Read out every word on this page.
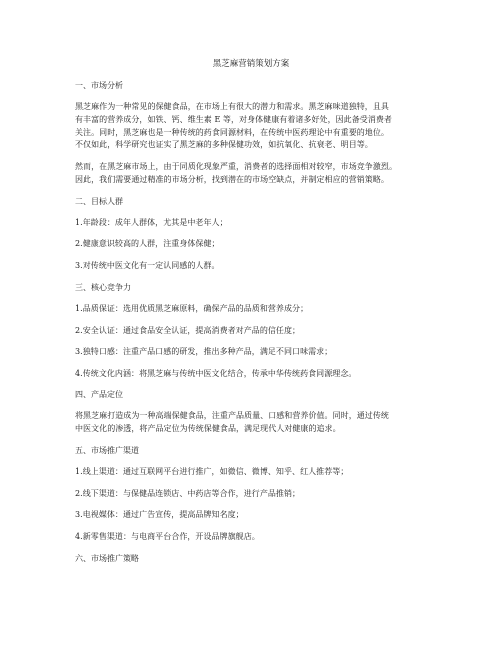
黑芝麻营销策划方案
一、市场分析
黑芝麻作为一种常见的保健食品，在市场上有很大的潜力和需求。黑芝麻味道独特，且具
有丰富的营养成分，如铁、钙、维生素 E 等，对身体健康有着诸多好处，因此备受消费者
关注。同时，黑芝麻也是一种传统的药食同源材料，在传统中医药理论中有重要的地位。
不仅如此，科学研究也证实了黑芝麻的多种保健功效，如抗氧化、抗衰老、明目等。
然而，在黑芝麻市场上，由于同质化现象严重，消费者的选择面相对较窄，市场竞争激烈。
因此，我们需要通过精准的市场分析，找到潜在的市场空缺点，并制定相应的营销策略。
二、目标人群
1.年龄段：成年人群体，尤其是中老年人；
2.健康意识较高的人群，注重身体保健；
3.对传统中医文化有一定认同感的人群。
三、核心竞争力
1.品质保证：选用优质黑芝麻原料，确保产品的品质和营养成分；
2.安全认证：通过食品安全认证，提高消费者对产品的信任度；
3.独特口感：注重产品口感的研发，推出多种产品，满足不同口味需求；
4.传统文化内涵：将黑芝麻与传统中医文化结合，传承中华传统药食同源理念。
四、产品定位
将黑芝麻打造成为一种高端保健食品，注重产品质量、口感和营养价值。同时，通过传统
中医文化的渗透，将产品定位为传统保健食品，满足现代人对健康的追求。
五、市场推广渠道
1.线上渠道：通过互联网平台进行推广，如微信、微博、知乎、红人推荐等；
2.线下渠道：与保健品连锁店、中药店等合作，进行产品推销；
3.电视媒体：通过广告宣传，提高品牌知名度；
4.新零售渠道：与电商平台合作，开设品牌旗舰店。
六、市场推广策略
